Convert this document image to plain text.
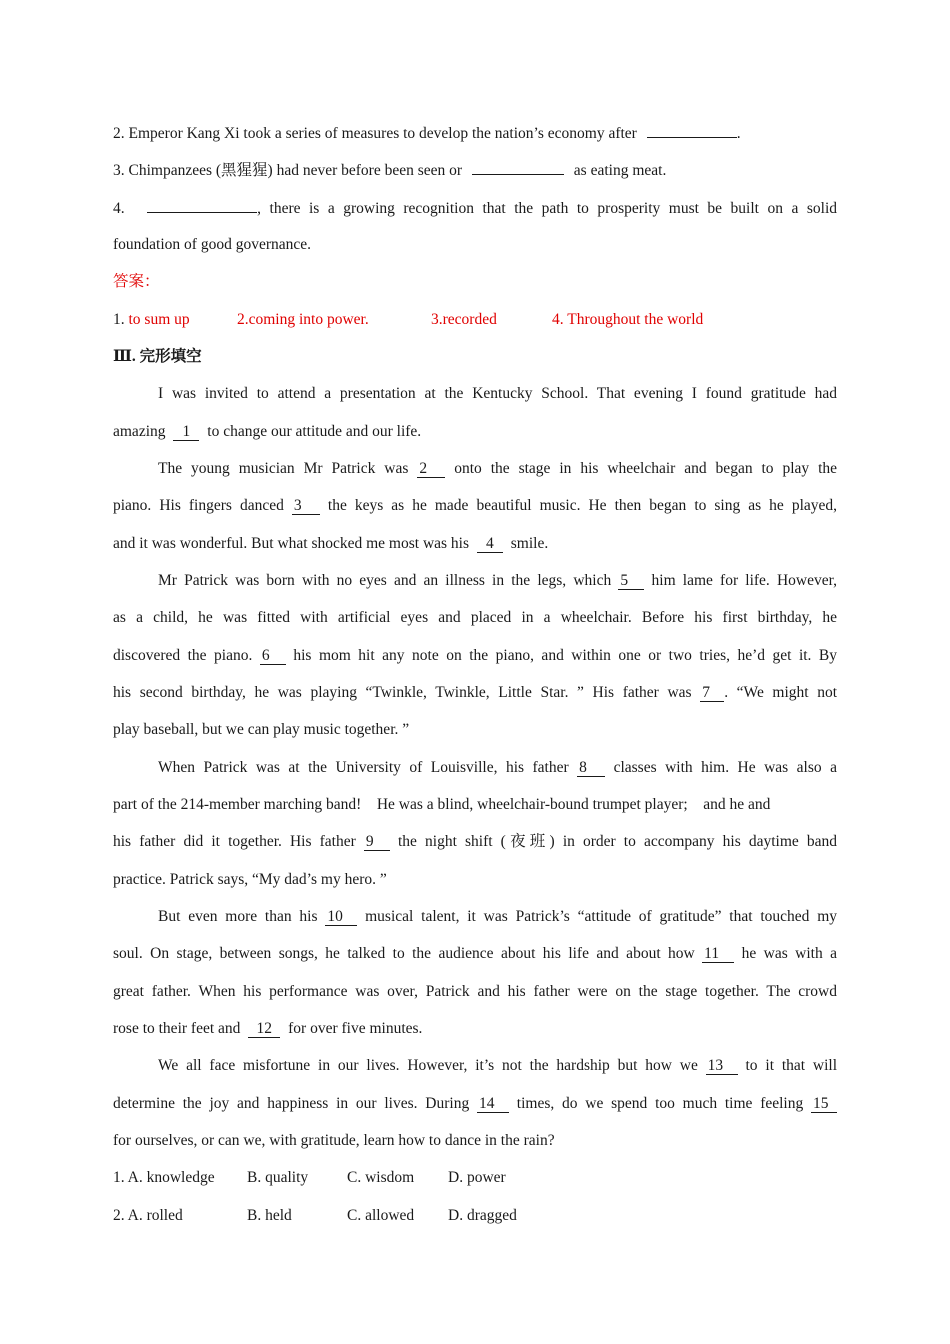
2. Emperor Kang Xi took a series of measures to develop the nation’s economy after	.
3. Chimpanzees (黑猩猩) had never before been seen or	as eating meat.
4.	, there is a growing recognition that the path to prosperity must be built on a solid
foundation of good governance.
答案：
1. to sum up	2.coming into power.	3.recorded	4. Throughout the world
Ⅲ. 完形填空
I was invited to attend a presentation at the Kentucky School. That evening I found gratitude had
amazing 1 to change our attitude and our life.
The young musician Mr Patrick was 2 onto the stage in his wheelchair and began to play the
piano. His fingers danced 3 the keys as he made beautiful music. He then began to sing as he played,
and it was wonderful. But what shocked me most was his 4 smile.
Mr Patrick was born with no eyes and an illness in the legs, which 5 him lame for life. However,
as a child, he was fitted with artificial eyes and placed in a wheelchair. Before his first birthday, he
discovered the piano. 6 his mom hit any note on the piano, and within one or two tries, he’d get it. By
his second birthday, he was playing “Twinkle, Twinkle, Little Star. ” His father was 7 . “We might not
play baseball, but we can play music together. ”
When Patrick was at the University of Louisville, his father 8 classes with him. He was also a
part of the 214-member marching band!    He was a blind, wheelchair-bound trumpet player;    and he and
his father did it together. His father 9 the night shift (夜班) in order to accompany his daytime band
practice. Patrick says, “My dad’s my hero. ”
But even more than his 10 musical talent, it was Patrick’s “attitude of gratitude” that touched my
soul. On stage, between songs, he talked to the audience about his life and about how 11 he was with a
great father. When his performance was over, Patrick and his father were on the stage together. The crowd
rose to their feet and 12 for over five minutes.
We all face misfortune in our lives. However, it’s not the hardship but how we 13 to it that will
determine the joy and happiness in our lives. During 14 times, do we spend too much time feeling 15
for ourselves, or can we, with gratitude, learn how to dance in the rain?
1. A. knowledge B. quality	C. wisdom D. power
2. A. rolled	B. held	C. allowed D. dragged
